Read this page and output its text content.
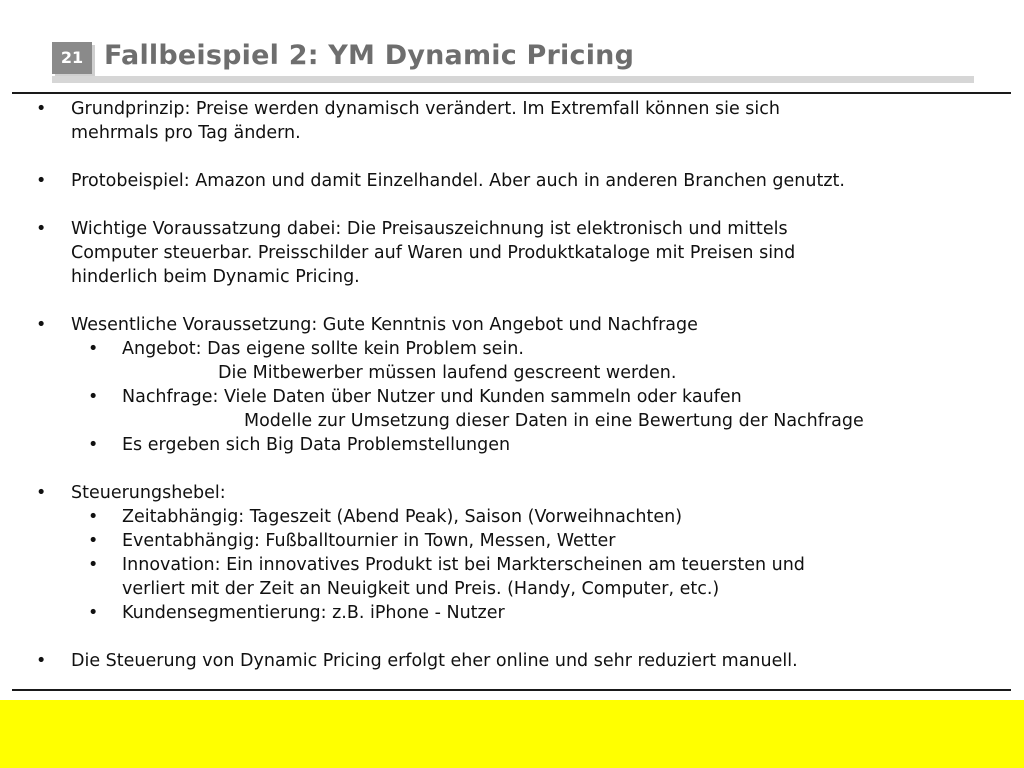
21 Fallbeispiel 2: YM Dynamic Pricing
• Grundprinzip: Preise werden dynamisch verändert. Im Extremfall können sie sich
mehrmals pro Tag ändern.
• Protobeispiel: Amazon und damit Einzelhandel. Aber auch in anderen Branchen genutzt.
• Wichtige Voraussatzung dabei: Die Preisauszeichnung ist elektronisch und mittels
Computer steuerbar. Preisschilder auf Waren und Produktkataloge mit Preisen sind
hinderlich beim Dynamic Pricing.
• Wesentliche Voraussetzung: Gute Kenntnis von Angebot und Nachfrage
• Angebot: Das eigene sollte kein Problem sein.
Die Mitbewerber müssen laufend gescreent werden.
• Nachfrage: Viele Daten über Nutzer und Kunden sammeln oder kaufen
Modelle zur Umsetzung dieser Daten in eine Bewertung der Nachfrage
• Es ergeben sich Big Data Problemstellungen
• Steuerungshebel:
• Zeitabhängig: Tageszeit (Abend Peak), Saison (Vorweihnachten)
• Eventabhängig: Fußballtournier in Town, Messen, Wetter
• Innovation: Ein innovatives Produkt ist bei Markterscheinen am teuersten und
verliert mit der Zeit an Neuigkeit und Preis. (Handy, Computer, etc.)
• Kundensegmentierung: z.B. iPhone - Nutzer
• Die Steuerung von Dynamic Pricing erfolgt eher online und sehr reduziert manuell.
